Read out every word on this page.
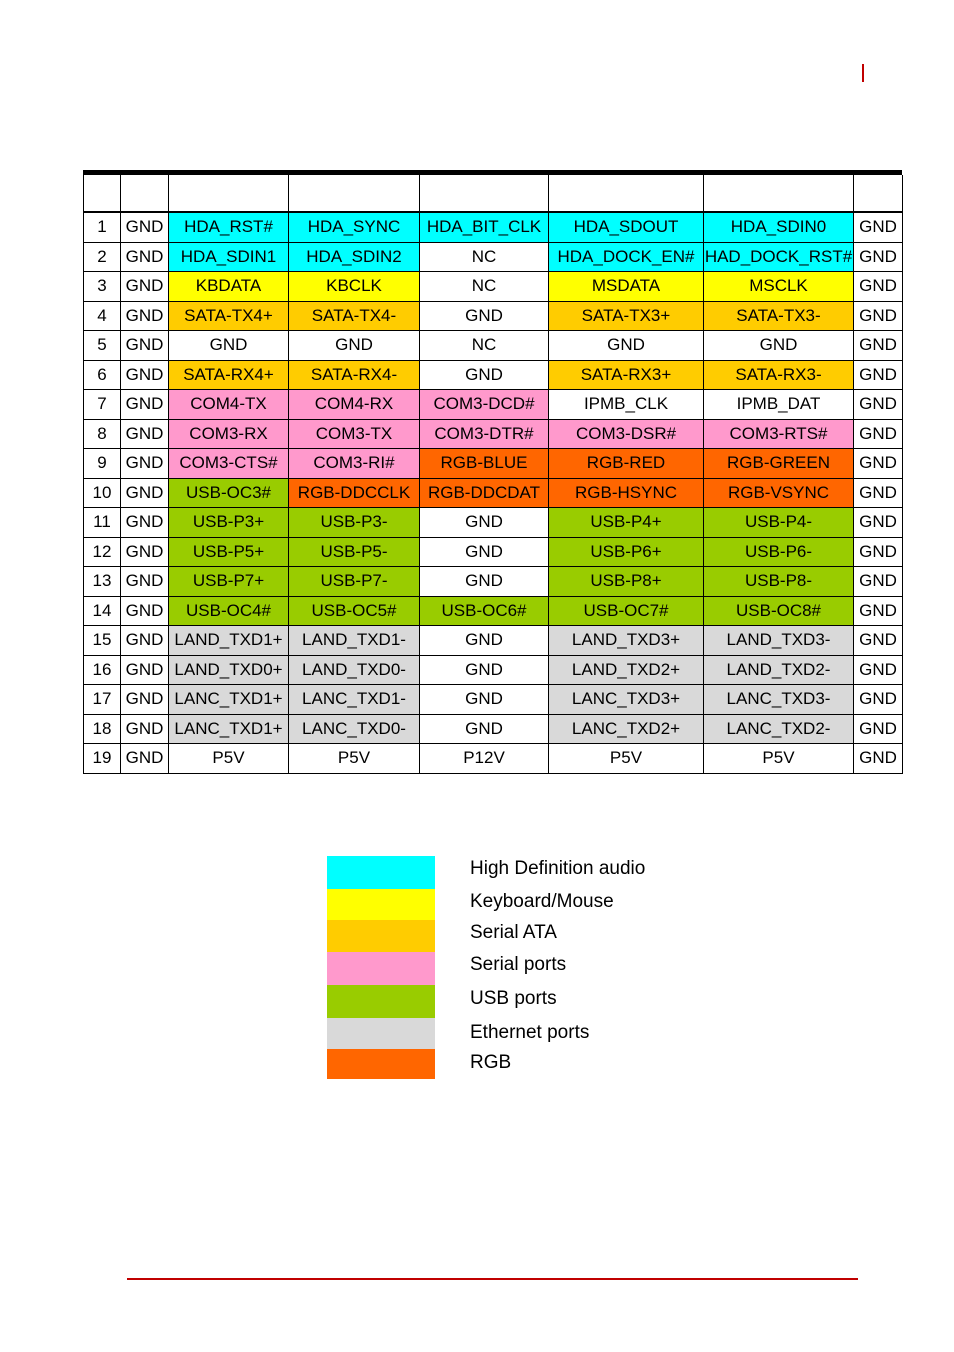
1	GND	HDA_RST#	HDA_SYNC	HDA_BIT_CLK	HDA_SDOUT	HDA_SDIN0	GND
2	GND	HDA_SDIN1	HDA_SDIN2	NC	HDA_DOCK_EN#	HAD_DOCK_RST#	GND
3	GND	KBDATA	KBCLK	NC	MSDATA	MSCLK	GND
4	GND	SATA-TX4+	SATA-TX4-	GND	SATA-TX3+	SATA-TX3-	GND
5	GND	GND	GND	NC	GND	GND	GND
6	GND	SATA-RX4+	SATA-RX4-	GND	SATA-RX3+	SATA-RX3-	GND
7	GND	COM4-TX	COM4-RX	COM3-DCD#	IPMB_CLK	IPMB_DAT	GND
8	GND	COM3-RX	COM3-TX	COM3-DTR#	COM3-DSR#	COM3-RTS#	GND
9	GND	COM3-CTS#	COM3-RI#	RGB-BLUE	RGB-RED	RGB-GREEN	GND
10	GND	USB-OC3#	RGB-DDCCLK	RGB-DDCDAT	RGB-HSYNC	RGB-VSYNC	GND
11	GND	USB-P3+	USB-P3-	GND	USB-P4+	USB-P4-	GND
12	GND	USB-P5+	USB-P5-	GND	USB-P6+	USB-P6-	GND
13	GND	USB-P7+	USB-P7-	GND	USB-P8+	USB-P8-	GND
14	GND	USB-OC4#	USB-OC5#	USB-OC6#	USB-OC7#	USB-OC8#	GND
15	GND	LAND_TXD1+	LAND_TXD1-	GND	LAND_TXD3+	LAND_TXD3-	GND
16	GND	LAND_TXD0+	LAND_TXD0-	GND	LAND_TXD2+	LAND_TXD2-	GND
17	GND	LANC_TXD1+	LANC_TXD1-	GND	LANC_TXD3+	LANC_TXD3-	GND
18	GND	LANC_TXD1+	LANC_TXD0-	GND	LANC_TXD2+	LANC_TXD2-	GND
19	GND	P5V	P5V	P12V	P5V	P5V	GND
High Definition audio
Keyboard/Mouse
Serial ATA
Serial ports
USB ports
Ethernet ports
RGB
